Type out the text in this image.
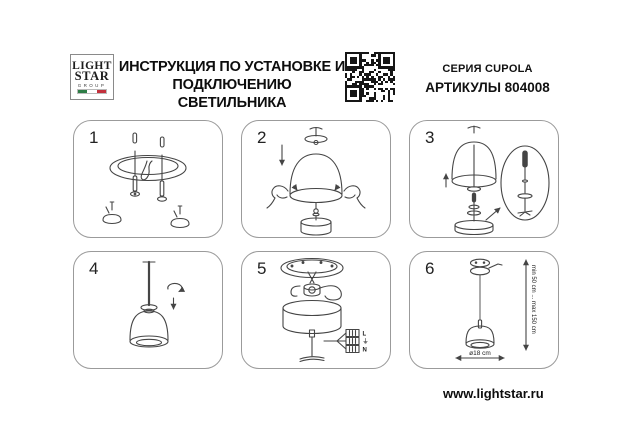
LIGHT
STAR
GROUP
ИНСТРУКЦИЯ ПО УСТАНОВКЕ И
ПОДКЛЮЧЕНИЮ СВЕТИЛЬНИКА
СЕРИЯ CUPOLA
АРТИКУЛЫ 804008
1	2	3
4	5
L
⏚
N
6	min 50 cm ... max 150 cm
ø18 cm
www.lightstar.ru
